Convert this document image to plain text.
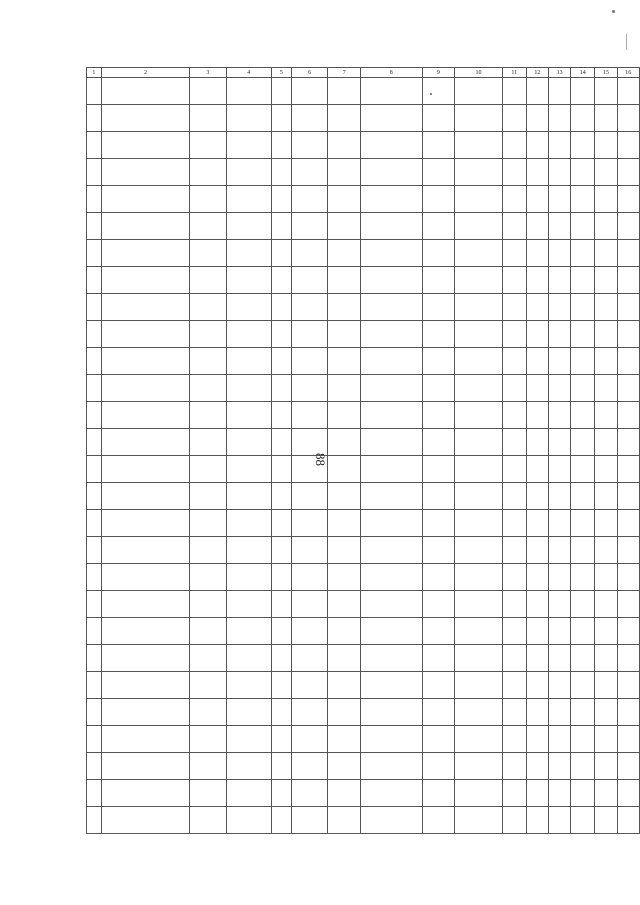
88
1	2	3	4	5	6	7	8	9	10	11	12	13	14	15	16
